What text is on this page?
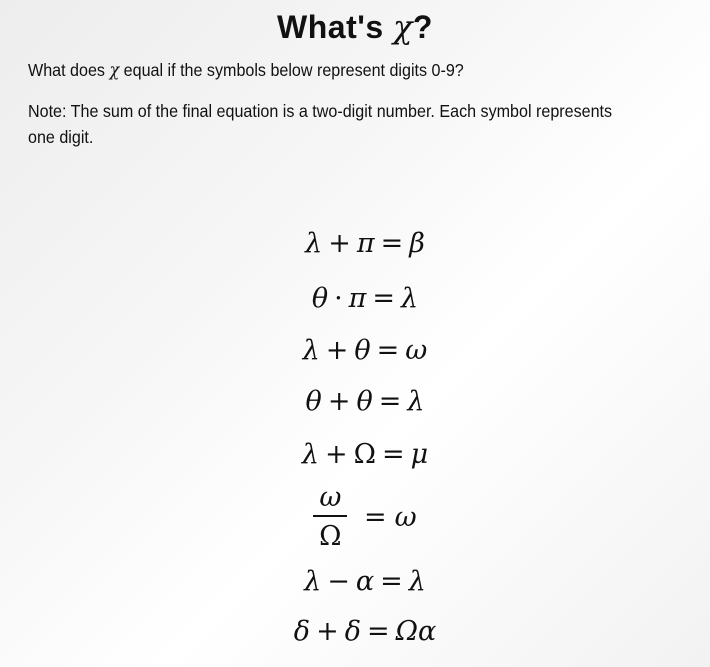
What's χ?
What does χ equal if the symbols below represent digits 0-9?
Note: The sum of the final equation is a two-digit number. Each symbol represents one digit.
λ + π = β
θ · π = λ
λ + θ = ω
θ + θ = λ
λ + Ω = μ
$\frac{\omega}{\Omega} = \omega$
λ − α = λ
δ + δ = Ωα
